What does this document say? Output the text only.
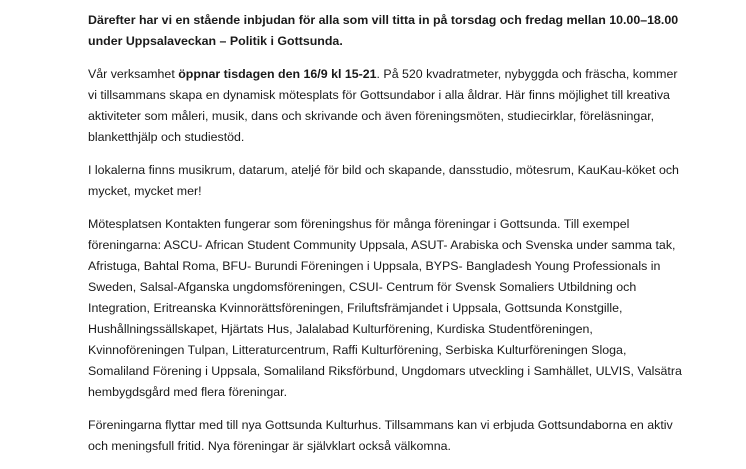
Därefter har vi en stående inbjudan för alla som vill titta in på torsdag och fredag mellan 10.00–18.00 under Uppsalaveckan – Politik i Gottsunda.

Vår verksamhet öppnar tisdagen den 16/9 kl 15-21. På 520 kvadratmeter, nybyggda och fräscha, kommer vi tillsammans skapa en dynamisk mötesplats för Gottsundabor i alla åldrar. Här finns möjlighet till kreativa aktiviteter som måleri, musik, dans och skrivande och även föreningsmöten, studiecirklar, föreläsningar, blanketthjälp och studiestöd.

I lokalerna finns musikrum, datarum, ateljé för bild och skapande, dansstudio, mötesrum, KauKau-köket och mycket, mycket mer!

Mötesplatsen Kontakten fungerar som föreningshus för många föreningar i Gottsunda. Till exempel föreningarna: ASCU- African Student Community Uppsala, ASUT- Arabiska och Svenska under samma tak, Afristuga, Bahtal Roma, BFU- Burundi Föreningen i Uppsala, BYPS- Bangladesh Young Professionals in Sweden, Salsal-Afganska ungdomsföreningen, CSUI- Centrum för Svensk Somaliers Utbildning och Integration, Eritreanska Kvinnorättsföreningen, Friluftsfrämjandet i Uppsala, Gottsunda Konstgille, Hushållningssällskapet, Hjärtats Hus, Jalalabad Kulturförening, Kurdiska Studentföreningen, Kvinnoföreningen Tulpan, Litteraturcentrum, Raffi Kulturförening, Serbiska Kulturföreningen Sloga, Somaliland Förening i Uppsala, Somaliland Riksförbund, Ungdomars utveckling i Samhället, ULVIS, Valsätra hembygdsgård med flera föreningar.

Föreningarna flyttar med till nya Gottsunda Kulturhus. Tillsammans kan vi erbjuda Gottsundaborna en aktiv och meningsfull fritid. Nya föreningar är självklart också välkomna.
